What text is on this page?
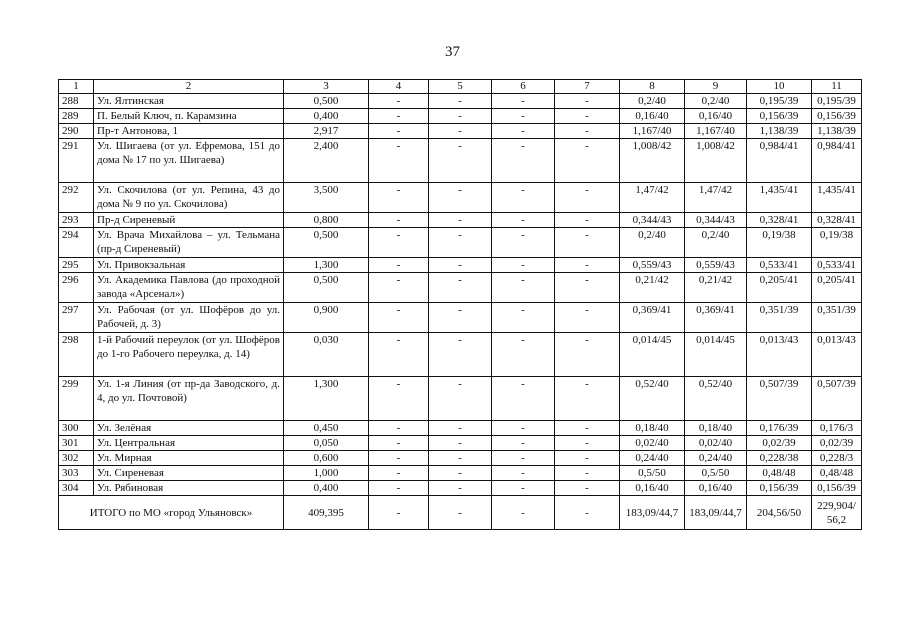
37
1	2	3	4	5	6	7	8	9	10	11
288	Ул. Ялтинская	0,500	-	-	-	-	0,2/40	0,2/40	0,195/39	0,195/39
289	П. Белый Ключ, п. Карамзина	0,400	-	-	-	-	0,16/40	0,16/40	0,156/39	0,156/39
290	Пр-т Антонова, 1	2,917	-	-	-	-	1,167/40	1,167/40	1,138/39	1,138/39
291	Ул. Шигаева (от ул. Ефремова, 151 до дома № 17 по ул. Шигаева)	2,400	-	-	-	-	1,008/42	1,008/42	0,984/41	0,984/41
292	Ул. Скочилова (от ул. Репина, 43 до дома № 9 по ул. Скочилова)	3,500	-	-	-	-	1,47/42	1,47/42	1,435/41	1,435/41
293	Пр-д Сиреневый	0,800	-	-	-	-	0,344/43	0,344/43	0,328/41	0,328/41
294	Ул. Врача Михайлова – ул. Тельмана (пр-д Сиреневый)	0,500	-	-	-	-	0,2/40	0,2/40	0,19/38	0,19/38
295	Ул. Привокзальная	1,300	-	-	-	-	0,559/43	0,559/43	0,533/41	0,533/41
296	Ул. Академика Павлова (до проходной завода «Арсенал»)	0,500	-	-	-	-	0,21/42	0,21/42	0,205/41	0,205/41
297	Ул. Рабочая (от ул. Шофёров до ул. Рабочей, д. 3)	0,900	-	-	-	-	0,369/41	0,369/41	0,351/39	0,351/39
298	1-й Рабочий переулок (от ул. Шофёров до 1-го Рабочего переулка, д. 14)	0,030	-	-	-	-	0,014/45	0,014/45	0,013/43	0,013/43
299	Ул. 1-я Линия (от пр-да Заводского, д. 4, до ул. Почтовой)	1,300	-	-	-	-	0,52/40	0,52/40	0,507/39	0,507/39
300	Ул. Зелёная	0,450	-	-	-	-	0,18/40	0,18/40	0,176/39	0,176/3
301	Ул. Центральная	0,050	-	-	-	-	0,02/40	0,02/40	0,02/39	0,02/39
302	Ул. Мирная	0,600	-	-	-	-	0,24/40	0,24/40	0,228/38	0,228/3
303	Ул. Сиреневая	1,000	-	-	-	-	0,5/50	0,5/50	0,48/48	0,48/48
304	Ул. Рябиновая	0,400	-	-	-	-	0,16/40	0,16/40	0,156/39	0,156/39
ИТОГО по МО «город Ульяновск»		409,395	-	-	-	-	183,09/44,7	183,09/44,7	204,56/50	229,904/ 56,2
